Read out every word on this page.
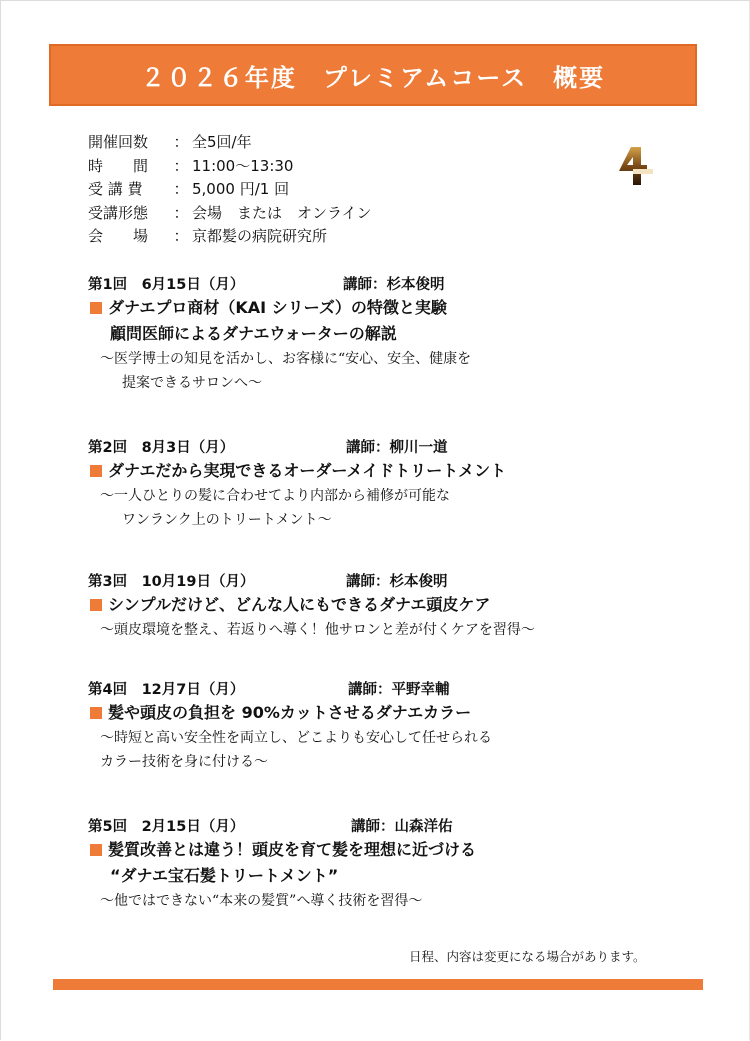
２０２６年度　プレミアムコース　概要
開催回数	： 全5回/年
時　　間	： 11:00〜13:30
受 講 費	： 5,000 円/1 回
受講形態	： 会場　または　オンライン
会　　場	： 京都髪の病院研究所
第1回　6月15日（月）	講師：杉本俊明
ダナエプロ商材（KAI シリーズ）の特徴と実験
顧問医師によるダナエウォーターの解説
〜医学博士の知見を活かし、お客様に“安心、安全、健康を
提案できるサロンへ〜
第2回　8月3日（月）	講師：柳川一道
ダナエだから実現できるオーダーメイドトリートメント
〜一人ひとりの髪に合わせてより内部から補修が可能な
ワンランク上のトリートメント〜
第3回　10月19日（月）	講師：杉本俊明
シンプルだけど、どんな人にもできるダナエ頭皮ケア
〜頭皮環境を整え、若返りへ導く！他サロンと差が付くケアを習得〜
第4回　12月7日（月）	講師：平野幸輔
髪や頭皮の負担を 90%カットさせるダナエカラー
〜時短と高い安全性を両立し、どこよりも安心して任せられる
カラー技術を身に付ける〜
第5回　2月15日（月）	講師：山森洋佑
髪質改善とは違う！頭皮を育て髪を理想に近づける
“ダナエ宝石髪トリートメント”
〜他ではできない“本来の髪質”へ導く技術を習得〜
日程、内容は変更になる場合があります。
